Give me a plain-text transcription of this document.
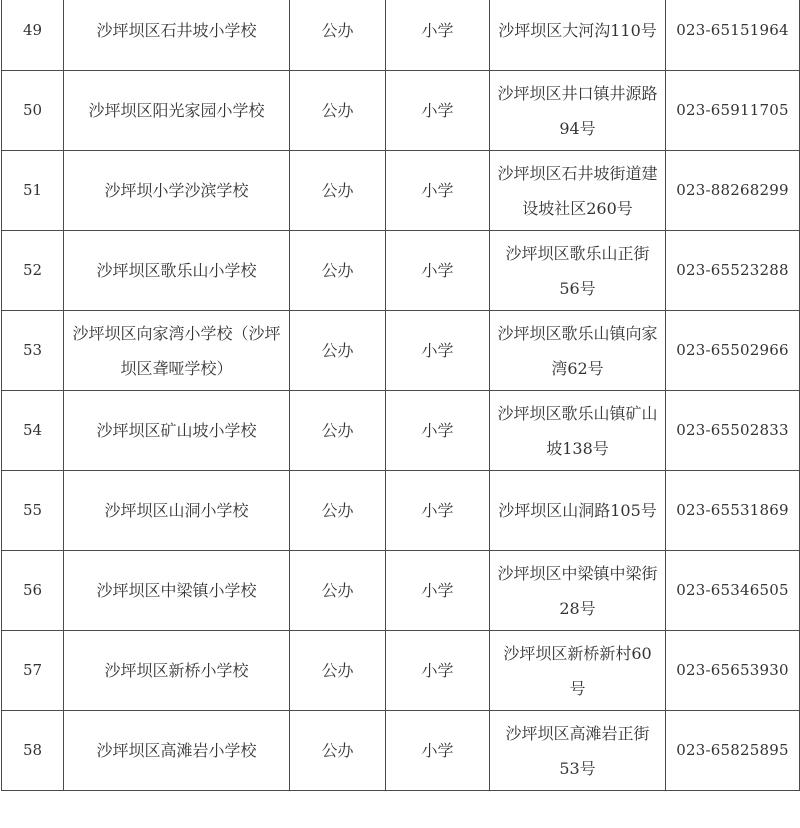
49	沙坪坝区石井坡小学校	公办	小学	沙坪坝区大河沟110号	023-65151964
50	沙坪坝区阳光家园小学校	公办	小学	沙坪坝区井口镇井源路94号	023-65911705
51	沙坪坝小学沙滨学校	公办	小学	沙坪坝区石井坡街道建设坡社区260号	023-88268299
52	沙坪坝区歌乐山小学校	公办	小学	沙坪坝区歌乐山正街56号	023-65523288
53	沙坪坝区向家湾小学校（沙坪坝区聋哑学校）	公办	小学	沙坪坝区歌乐山镇向家湾62号	023-65502966
54	沙坪坝区矿山坡小学校	公办	小学	沙坪坝区歌乐山镇矿山坡138号	023-65502833
55	沙坪坝区山洞小学校	公办	小学	沙坪坝区山洞路105号	023-65531869
56	沙坪坝区中梁镇小学校	公办	小学	沙坪坝区中梁镇中梁街28号	023-65346505
57	沙坪坝区新桥小学校	公办	小学	沙坪坝区新桥新村60号	023-65653930
58	沙坪坝区高滩岩小学校	公办	小学	沙坪坝区高滩岩正街53号	023-65825895
